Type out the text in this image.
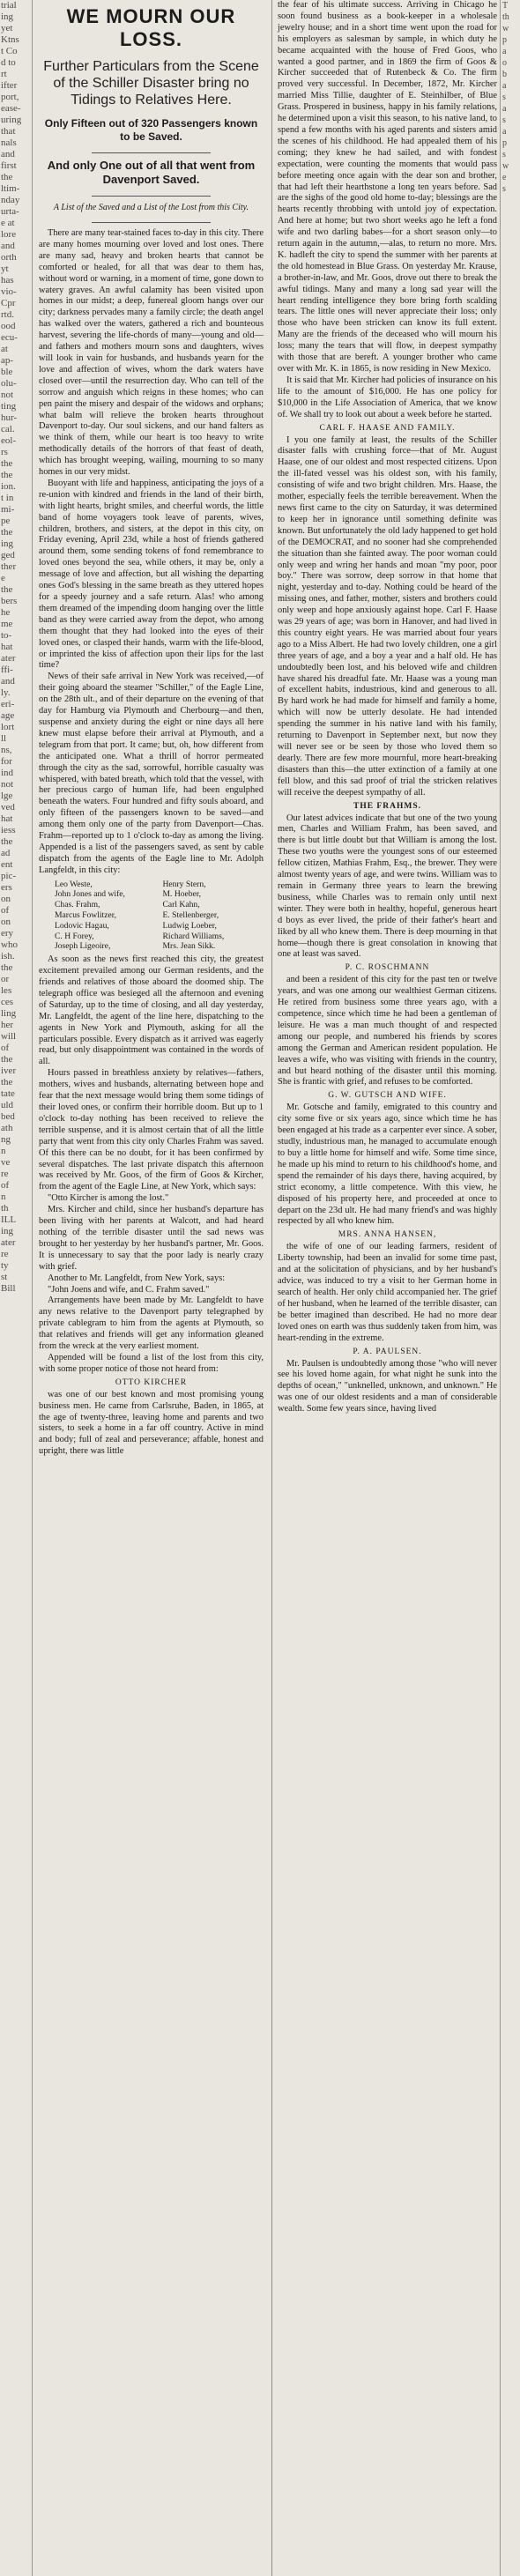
trial
ing
yet
Ktns
t Co
d to
rt
ifter
port,
ease-
uring
that
nals
and
first
the
ltim-
nday
urta-
e at
lore
and
orth
yt
has
vio-
Cpr
rtd.
ood
ecu-
at
ap-
ble
olu-
not
ting
hur-
cal.
eol-
rs
the
the
ion.
t in
mi-
pe
the
ing
ged
ther
e
the
bers
he
me
to-
hat
ater
ffi-
and
ly.
eri-
age
lort
ll
ns,
for
ind
not
lge
ved
hat
iess
the
ad
ent
pic-
ers
on
of
on
ery
who
ish.
the
or
les
ces
ling
her
will
of
the
iver
the
tate
uld
bed
ath
ng
n
ve
re
of
n
th
ILL
ing
ater
re
ty
st
Bill
WE MOURN OUR LOSS.
Further Particulars from the Scene of the Schiller Disaster bring no Tidings to Relatives Here.
Only Fifteen out of 320 Passengers known to be Saved.
And only One out of all that went from Davenport Saved.
A List of the Saved and a List of the Lost from this City.

There are many tear-stained faces to-day in this city. There are many homes mourning over loved and lost ones. There are many sad, heavy and broken hearts that cannot be comforted or healed, for all that was dear to them has, without word or warning, in a moment of time, gone down to watery graves. An awful calamity has been visited upon homes in our midst; a deep, funereal gloom hangs over our city; darkness pervades many a family circle; the death angel has walked over the waters, gathered a rich and bounteous harvest, severing the life-chords of many—young and old—and fathers and mothers mourn sons and daughters, wives will look in vain for husbands, and husbands yearn for the love and affection of wives, whom the dark waters have closed over—until the resurrection day. Who can tell of the sorrow and anguish which reigns in these homes; who can pen paint the misery and despair of the widows and orphans; what balm will relieve the broken hearts throughout Davenport to-day. Our soul sickens, and our hand falters as we think of them, while our heart is too heavy to write methodically details of the horrors of that feast of death, which has brought weeping, wailing, mourning to so many homes in our very midst.

Buoyant with life and happiness, anticipating the joys of a re-union with kindred and friends in the land of their birth, with light hearts, bright smiles, and cheerful words, the little band of home voyagers took leave of parents, wives, children, brothers, and sisters, at the depot in this city, on Friday evening, April 23d, while a host of friends gathered around them, some sending tokens of fond remembrance to loved ones beyond the sea, while others, it may be, only a message of love and affection, but all wishing the departing ones God's blessing in the same breath as they uttered hopes for a speedy journey and a safe return. Alas! who among them dreamed of the impending doom hanging over the little band as they were carried away from the depot, who among them thought that they had looked into the eyes of their loved ones, or clasped their hands, warm with the life-blood, or imprinted the kiss of affection upon their lips for the last time?

News of their safe arrival in New York was received,—of their going aboard the steamer "Schiller," of the Eagle Line, on the 28th ult., and of their departure on the evening of that day for Hamburg via Plymouth and Cherbourg—and then, suspense and anxiety during the eight or nine days all here knew must elapse before their arrival at Plymouth, and a telegram from that port. It came; but, oh, how different from the anticipated one. What a thrill of horror permeated through the city as the sad, sorrowful, horrible casualty was whispered, with bated breath, which told that the vessel, with her precious cargo of human life, had been engulphed beneath the waters. Four hundred and fifty souls aboard, and only fifteen of the passengers known to be saved—and among them only one of the party from Davenport—Chas. Frahm—reported up to 1 o'clock to-day as among the living. Appended is a list of the passengers saved, as sent by cable dispatch from the agents of the Eagle line to Mr. Adolph Langfeldt, in this city:

Leo Weste,	Henry Stern,
John Jones and wife,	M. Hoeber,
Chas. Frahm,	Carl Kahn,
Marcus Fowlitzer,	E. Stellenberger,
Lodovic Hagau,	Ludwig Loeber,
C. H Forey,	Richard Williams,
Joseph Ligeoire,	Mrs. Jean Sikk.

As soon as the news first reached this city, the greatest excitement prevailed among our German residents, and the friends and relatives of those aboard the doomed ship. The telegraph office was besieged all the afternoon and evening of Saturday, up to the time of closing, and all day yesterday, Mr. Langfeldt, the agent of the line here, dispatching to the agents in New York and Plymouth, asking for all the particulars possible. Every dispatch as it arrived was eagerly read, but only disappointment was contained in the words of all.

Hours passed in breathless anxiety by relatives—fathers, mothers, wives and husbands, alternating between hope and fear that the next message would bring them some tidings of their loved ones, or confirm their horrible doom. But up to 1 o'clock to-day nothing has been received to relieve the terrible suspense, and it is almost certain that of all the little party that went from this city only Charles Frahm was saved. Of this there can be no doubt, for it has been confirmed by several dispatches. The last private dispatch this afternoon was received by Mr. Goos, of the firm of Goos & Kircher, from the agent of the Eagle Line, at New York, which says:

"Otto Kircher is among the lost."

Mrs. Kircher and child, since her husband's departure has been living with her parents at Walcott, and had heard nothing of the terrible disaster until the sad news was brought to her yesterday by her husband's partner, Mr. Goos. It is unnecessary to say that the poor lady is nearly crazy with grief.

Another to Mr. Langfeldt, from New York, says:

"John Joens and wife, and C. Frahm saved."

Arrangements have been made by Mr. Langfeldt to have any news relative to the Davenport party telegraphed by private cablegram to him from the agents at Plymouth, so that relatives and friends will get any information gleaned from the wreck at the very earliest moment.

Appended will be found a list of the lost from this city, with some proper notice of those not heard from:

OTTO KIRCHER

was one of our best known and most promising young business men. He came from Carlsruhe, Baden, in 1865, at the age of twenty-three, leaving home and parents and two sisters, to seek a home in a far off country. Active in mind and body; full of zeal and perseverance; affable, honest and upright, there was little

the fear of his ultimate success. Arriving in Chicago he soon found business as a book-keeper in a wholesale jewelry house; and in a short time went upon the road for his employers as salesman by sample, in which duty he became acquainted with the house of Fred Goos, who wanted a good partner, and in 1869 the firm of Goos & Kircher succeeded that of Rutenbeck & Co. The firm proved very successful. In December, 1872, Mr. Kircher married Miss Tillie, daughter of E. Steinhilber, of Blue Grass. Prospered in business, happy in his family relations, he determined upon a visit this season, to his native land, to spend a few months with his aged parents and sisters amid the scenes of his childhood. He had appealed them of his coming; they knew he had sailed, and with fondest expectation, were counting the moments that would pass before meeting once again with the dear son and brother, that had left their hearthstone a long ten years before. Sad are the sighs of the good old home to-day; blessings are the hearts recently throbbing with untold joy of expectation. And here at home; but two short weeks ago he left a fond wife and two darling babes—for a short season only—to return again in the autumn,—alas, to return no more. Mrs. K. hadleft the city to spend the summer with her parents at the old homestead in Blue Grass. On yesterday Mr. Krause, a brother-in-law, and Mr. Goos, drove out there to break the awful tidings. Many and many a long sad year will the heart rending intelligence they bore bring forth scalding tears. The little ones will never appreciate their loss; only those who have been stricken can know its full extent. Many are the friends of the deceased who will mourn his loss; many the tears that will flow, in deepest sympathy with those that are bereft. A younger brother who came over with Mr. K. in 1865, is now residing in New Mexico.

It is said that Mr. Kircher had policies of insurance on his life to the amount of $16,000. He has one policy for $10,000 in the Life Association of America, that we know of. We shall try to look out about a week before he started.

CARL F. HAASE AND FAMILY.

I you one family at least, the results of the Schiller disaster falls with crushing force—that of Mr. August Haase, one of our oldest and most respected citizens. Upon the ill-fated vessel was his oldest son, with his family, consisting of wife and two bright children. Mrs. Haase, the mother, especially feels the terrible bereavement. When the news first came to the city on Saturday, it was determined to keep her in ignorance until something definite was known. But unfortunately the old lady happened to get hold of the DEMOCRAT, and no sooner had she comprehended the situation than she fainted away. The poor woman could only weep and wring her hands and moan "my poor, poor boy." There was sorrow, deep sorrow in that home that night, yesterday and to-day. Nothing could be heard of the missing ones, and father, mother, sisters and brothers could only weep and hope anxiously against hope. Carl F. Haase was 29 years of age; was born in Hanover, and had lived in this country eight years. He was married about four years ago to a Miss Albert. He had two lovely children, one a girl three years of age, and a boy a year and a half old. He has undoubtedly been lost, and his beloved wife and children have shared his dreadful fate. Mr. Haase was a young man of excellent habits, industrious, kind and generous to all. By hard work he had made for himself and family a home, which will now be utterly desolate. He had intended spending the summer in his native land with his family, returning to Davenport in September next, but now they will never see or be seen by those who loved them so dearly. There are few more mournful, more heart-breaking disasters than this—the utter extinction of a family at one fell blow, and this sad proof of trial the stricken relatives will receive the deepest sympathy of all.

THE FRAHMS.

Our latest advices indicate that but one of the two young men, Charles and William Frahm, has been saved, and there is but little doubt but that William is among the lost. These two youths were the youngest sons of our esteemed fellow citizen, Mathias Frahm, Esq., the brewer. They were almost twenty years of age, and were twins. William was to remain in Germany three years to learn the brewing business, while Charles was to remain only until next winter. They were both in healthy, hopeful, generous heart d boys as ever lived, the pride of their father's heart and liked by all who knew them. There is deep mourning in that home—though there is great consolation in knowing that one at least was saved.

P. C. ROSCHMANN

and been a resident of this city for the past ten or twelve years, and was one among our wealthiest German citizens. He retired from business some three years ago, with a competence, since which time he had been a gentleman of leisure. He was a man much thought of and respected among our people, and numbered his friends by scores among the German and American resident population. He leaves a wife, who was visiting with friends in the country, and but heard nothing of the disaster until this morning. She is frantic with grief, and refuses to be comforted.

G. W. GUTSCH AND WIFE.

Mr. Gotsche and family, emigrated to this country and city some five or six years ago, since which time he has been engaged at his trade as a carpenter ever since. A sober, studly, industrious man, he managed to accumulate enough to buy a little home for himself and wife. Some time since, he made up his mind to return to his childhood's home, and spend the remainder of his days there, having acquired, by strict economy, a little competence. With this view, he disposed of his property here, and proceeded at once to depart on the 23d ult. He had many friend's and was highly respected by all who knew him.

MRS. ANNA HANSEN,

the wife of one of our leading farmers, resident of Liberty township, had been an invalid for some time past, and at the solicitation of physicians, and by her husband's advice, was induced to try a visit to her German home in search of health. Her only child accompanied her. The grief of her husband, when he learned of the terrible disaster, can be better imagined than described. He had no more dear loved ones on earth was thus suddenly taken from him, was heart-rending in the extreme.

P. A. PAULSEN.

Mr. Paulsen is undoubtedly among those "who will never see his loved home again, for what night he sunk into the depths of ocean," "unknelled, unknown, and unknown." He was one of our oldest residents and a man of considerable wealth. Some few years since, having lived

T
th
w
p
a
o
b
a
s
a
s
a
p
s
w
e
s
